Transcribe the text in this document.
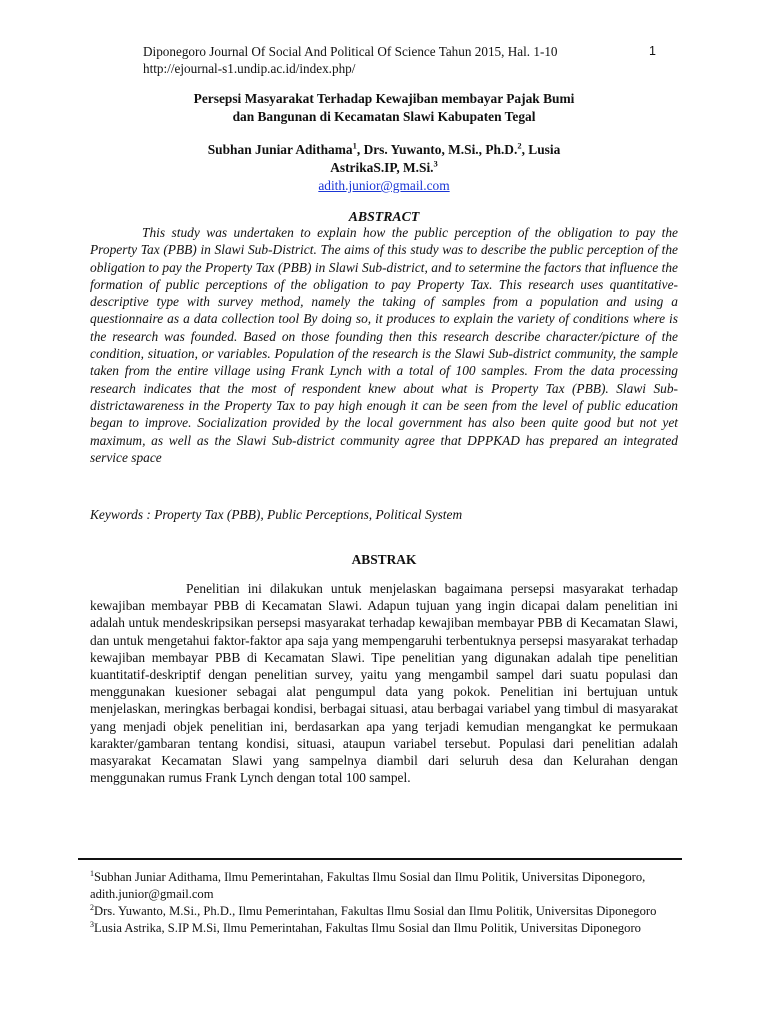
Diponegoro Journal Of Social And Political Of Science Tahun 2015, Hal. 1-10
http://ejournal-s1.undip.ac.id/index.php/
1
Persepsi Masyarakat Terhadap Kewajiban membayar Pajak Bumi
dan Bangunan di Kecamatan Slawi Kabupaten Tegal
Subhan Juniar Adithama$^1$, Drs. Yuwanto, M.Si., Ph.D.$^2$, Lusia
AstrikaS.IP, M.Si.$^3$
adith.junior@gmail.com
ABSTRACT

This study was undertaken to explain how the public perception of the obligation to pay the Property Tax (PBB) in Slawi Sub-District. The aims of this study was to describe the public perception of the obligation to pay the Property Tax (PBB) in Slawi Sub-district, and to setermine the factors that influence the formation of public perceptions of the obligation to pay Property Tax. This research uses quantitative-descriptive type with survey method, namely the taking of samples from a population and using a questionnaire as a data collection tool By doing so, it produces to explain the variety of conditions where is the research was founded. Based on those founding then this research describe character/picture of the condition, situation, or variables. Population of the research is the Slawi Sub-district community, the sample taken from the entire village using Frank Lynch with a total of 100 samples. From the data processing research indicates that the most of respondent knew about what is Property Tax (PBB). Slawi Sub-districtawareness in the Property Tax to pay high enough it can be seen from the level of public education began to improve. Socialization provided by the local government has also been quite good but not yet maximum, as well as the Slawi Sub-district community agree that DPPKAD has prepared an integrated service space

Keywords : Property Tax (PBB), Public Perceptions, Political System
ABSTRAK

Penelitian ini dilakukan untuk menjelaskan bagaimana persepsi masyarakat terhadap kewajiban membayar PBB di Kecamatan Slawi. Adapun tujuan yang ingin dicapai dalam penelitian ini adalah untuk mendeskripsikan persepsi masyarakat terhadap kewajiban membayar PBB di Kecamatan Slawi, dan untuk mengetahui faktor-faktor apa saja yang mempengaruhi terbentuknya persepsi masyarakat terhadap kewajiban membayar PBB di Kecamatan Slawi. Tipe penelitian yang digunakan adalah tipe penelitian kuantitatif-deskriptif dengan penelitian survey, yaitu yang mengambil sampel dari suatu populasi dan menggunakan kuesioner sebagai alat pengumpul data yang pokok. Penelitian ini bertujuan untuk menjelaskan, meringkas berbagai kondisi, berbagai situasi, atau berbagai variabel yang timbul di masyarakat yang menjadi objek penelitian ini, berdasarkan apa yang terjadi kemudian mengangkat ke permukaan karakter/gambaran tentang kondisi, situasi, ataupun variabel tersebut. Populasi dari penelitian adalah masyarakat Kecamatan Slawi yang sampelnya diambil dari seluruh desa dan Kelurahan dengan menggunakan rumus Frank Lynch dengan total 100 sampel.

$^1$Subhan Juniar Adithama, Ilmu Pemerintahan, Fakultas Ilmu Sosial dan Ilmu Politik, Universitas Diponegoro, adith.junior@gmail.com

$^2$Drs. Yuwanto, M.Si., Ph.D., Ilmu Pemerintahan, Fakultas Ilmu Sosial dan Ilmu Politik, Universitas Diponegoro

$^3$Lusia Astrika, S.IP M.Si, Ilmu Pemerintahan, Fakultas Ilmu Sosial dan Ilmu Politik, Universitas Diponegoro
